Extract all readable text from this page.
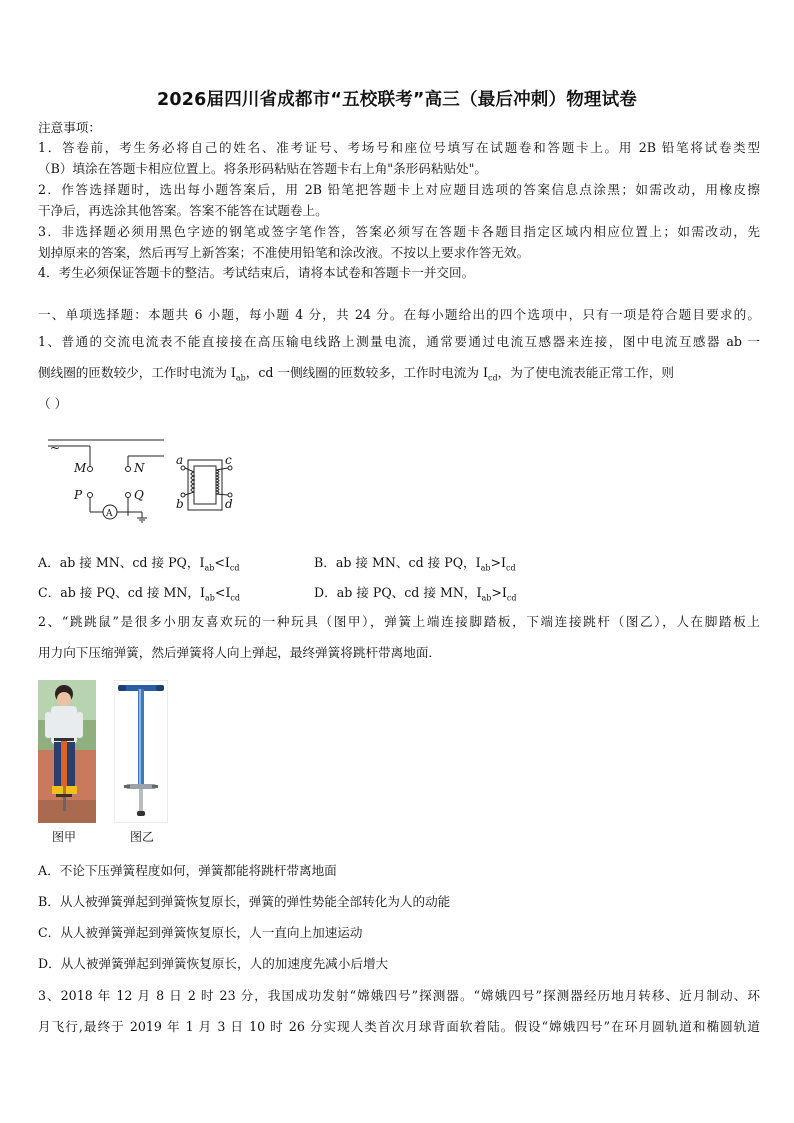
2026届四川省成都市“五校联考”高三（最后冲刺）物理试卷
注意事项：
1．答卷前，考生务必将自己的姓名、准考证号、考场号和座位号填写在试题卷和答题卡上。用 2B 铅笔将试卷类型
（B）填涂在答题卡相应位置上。将条形码粘贴在答题卡右上角"条形码粘贴处"。
2．作答选择题时，选出每小题答案后，用 2B 铅笔把答题卡上对应题目选项的答案信息点涂黑；如需改动，用橡皮擦
干净后，再选涂其他答案。答案不能答在试题卷上。
3．非选择题必须用黑色字迹的钢笔或签字笔作答，答案必须写在答题卡各题目指定区域内相应位置上；如需改动，先
划掉原来的答案，然后再写上新答案；不准使用铅笔和涂改液。不按以上要求作答无效。
4．考生必须保证答题卡的整洁。考试结束后，请将本试卷和答题卡一并交回。
一、单项选择题：本题共 6 小题，每小题 4 分，共 24 分。在每小题给出的四个选项中，只有一项是符合题目要求的。
1、普通的交流电流表不能直接接在高压输电线路上测量电流，通常要通过电流互感器来连接，图中电流互感器 ab 一
侧线圈的匝数较少，工作时电流为 $I_{ab}$，cd 一侧线圈的匝数较多，工作时电流为 $I_{cd}$，为了使电流表能正常工作，则
（ ）
~
M	N
P	Q
A
a
b
c
d
A．ab 接 MN、cd 接 PQ，$I_{ab}<I_{cd}$	B．ab 接 MN、cd 接 PQ，$I_{ab}>I_{cd}$
C．ab 接 PQ、cd 接 MN，$I_{ab}<I_{cd}$	D．ab 接 PQ、cd 接 MN，$I_{ab}>I_{cd}$
2、“跳跳鼠”是很多小朋友喜欢玩的一种玩具（图甲），弹簧上端连接脚踏板，下端连接跳杆（图乙），人在脚踏板上
用力向下压缩弹簧，然后弹簧将人向上弹起，最终弹簧将跳杆带离地面．
图甲	图乙
A．不论下压弹簧程度如何，弹簧都能将跳杆带离地面
B．从人被弹簧弹起到弹簧恢复原长，弹簧的弹性势能全部转化为人的动能
C．从人被弹簧弹起到弹簧恢复原长，人一直向上加速运动
D．从人被弹簧弹起到弹簧恢复原长，人的加速度先减小后增大
3、2018 年 12 月 8 日 2 时 23 分，我国成功发射“嫦娥四号”探测器。“嫦娥四号”探测器经历地月转移、近月制动、环
月飞行,最终于 2019 年 1 月 3 日 10 时 26 分实现人类首次月球背面软着陆。假设“嫦娥四号”在环月圆轨道和椭圆轨道
